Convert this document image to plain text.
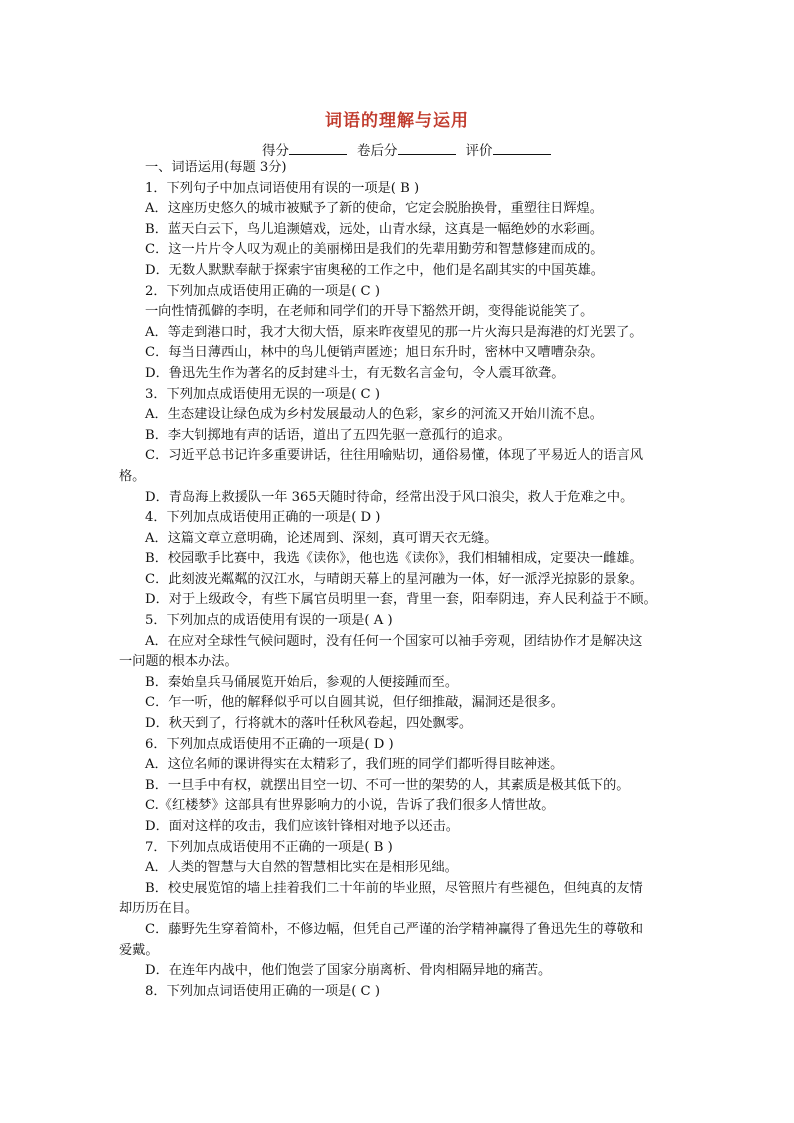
词语的理解与运用
得分	卷后分	评价
一、词语运用(每题 3分)
1．下列句子中加点词语使用有误的一项是( B )
A．这座历史悠久的城市被赋予了新的使命，它定会脱胎换骨，重塑往日辉煌。
B．蓝天白云下，鸟儿追濒嬉戏，远处，山青水绿，这真是一幅绝妙的水彩画。
C．这一片片令人叹为观止的美丽梯田是我们的先辈用勤劳和智慧修建而成的。
D．无数人默默奉献于探索宇宙奥秘的工作之中，他们是名副其实的中国英雄。
2．下列加点成语使用正确的一项是( C )
一向性情孤僻的李明，在老师和同学们的开导下豁然开朗，变得能说能笑了。
A．等走到港口时，我才大彻大悟，原来昨夜望见的那一片火海只是海港的灯光罢了。
C．每当日薄西山，林中的鸟儿便销声匿迹；旭日东升时，密林中又嘈嘈杂杂。
D．鲁迅先生作为著名的反封建斗士，有无数名言金句，令人震耳欲聋。
3．下列加点成语使用无误的一项是( C )
A．生态建设让绿色成为乡村发展最动人的色彩，家乡的河流又开始川流不息。
B．李大钊掷地有声的话语，道出了五四先驱一意孤行的追求。
C．习近平总书记许多重要讲话，往往用喻贴切，通俗易懂，体现了平易近人的语言风
格。
D．青岛海上救援队一年 365天随时待命，经常出没于风口浪尖，救人于危难之中。
4．下列加点成语使用正确的一项是( D )
A．这篇文章立意明确，论述周到、深刻，真可谓天衣无缝。
B．校园歌手比赛中，我选《读你》，他也选《读你》，我们相辅相成，定要决一雌雄。
C．此刻波光粼粼的汉江水，与晴朗天幕上的星河融为一体，好一派浮光掠影的景象。
D．对于上级政令，有些下属官员明里一套，背里一套，阳奉阴违，弃人民利益于不顾。
5．下列加点的成语使用有误的一项是( A )
A．在应对全球性气候问题时，没有任何一个国家可以袖手旁观，团结协作才是解决这
一问题的根本办法。
B．秦始皇兵马俑展览开始后，参观的人便接踵而至。
C．乍一听，他的解释似乎可以自圆其说，但仔细推敲，漏洞还是很多。
D．秋天到了，行将就木的落叶任秋风卷起，四处飘零。
6．下列加点成语使用不正确的一项是( D )
A．这位名师的课讲得实在太精彩了，我们班的同学们都听得目眩神迷。
B．一旦手中有权，就摆出目空一切、不可一世的架势的人，其素质是极其低下的。
C.《红楼梦》这部具有世界影响力的小说，告诉了我们很多人情世故。
D．面对这样的攻击，我们应该针锋相对地予以还击。
7．下列加点成语使用不正确的一项是( B )
A．人类的智慧与大自然的智慧相比实在是相形见绌。
B．校史展览馆的墙上挂着我们二十年前的毕业照，尽管照片有些褪色，但纯真的友情
却历历在目。
C．藤野先生穿着简朴，不修边幅，但凭自己严谨的治学精神赢得了鲁迅先生的尊敬和
爱戴。
D．在连年内战中，他们饱尝了国家分崩离析、骨肉相隔异地的痛苦。
8．下列加点词语使用正确的一项是( C )
